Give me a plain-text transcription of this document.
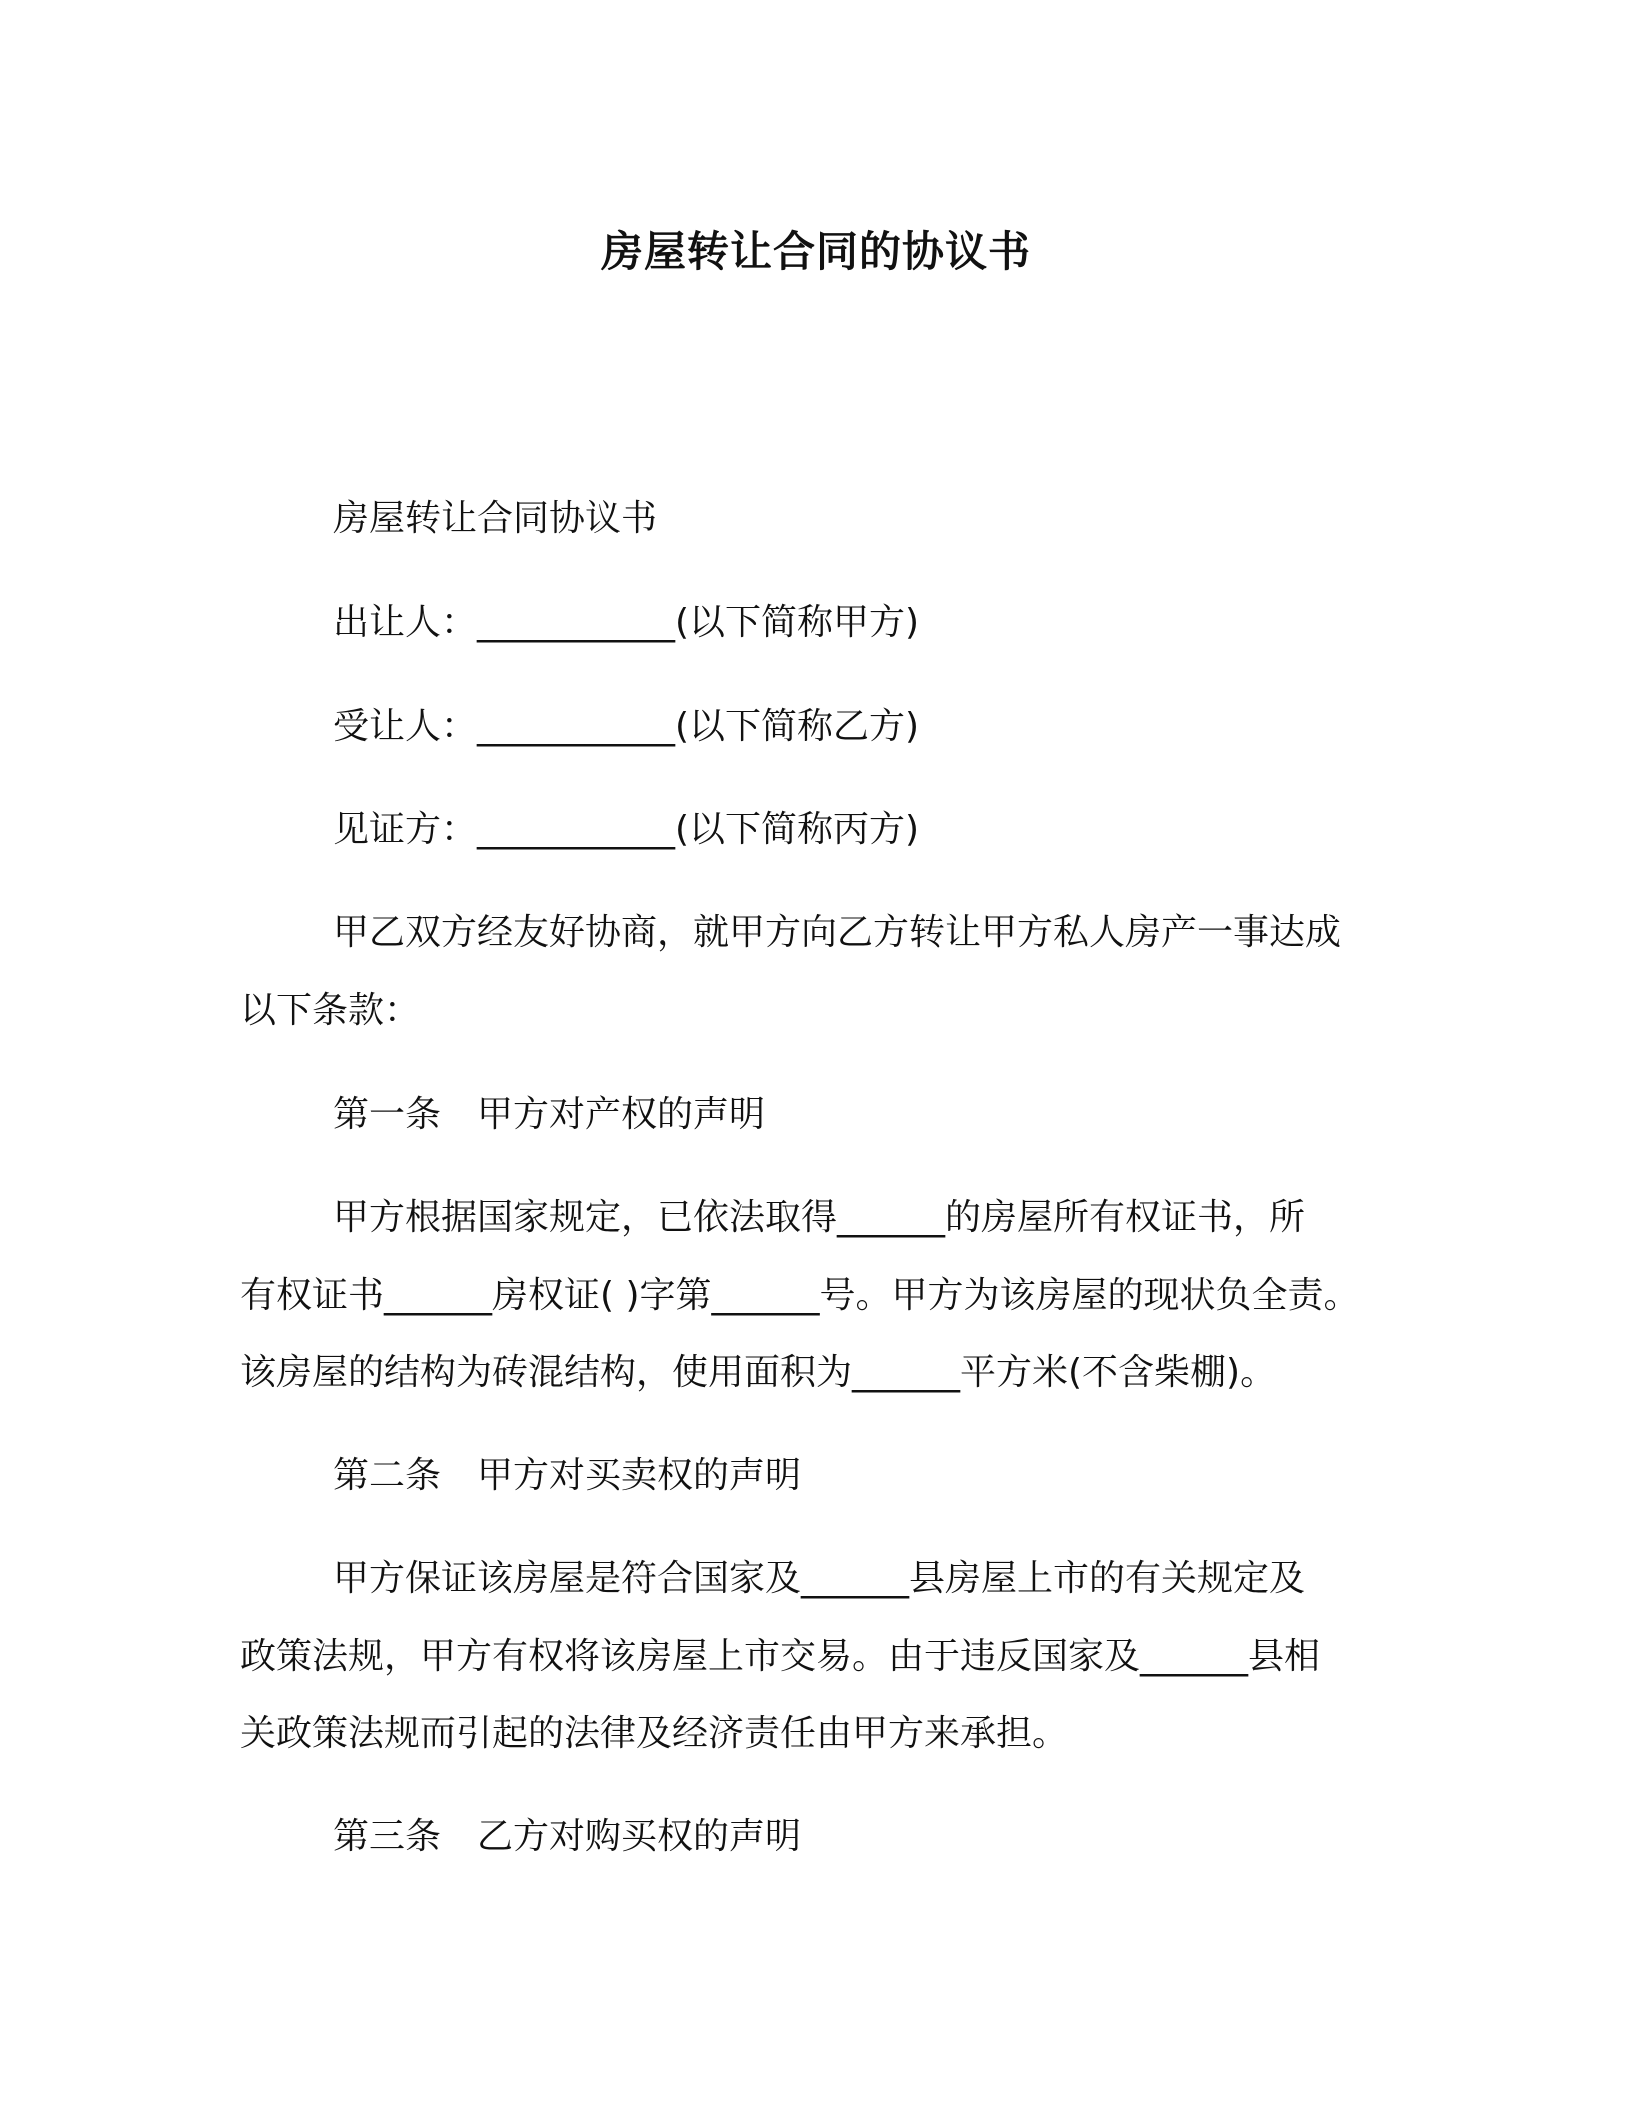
房屋转让合同的协议书
房屋转让合同协议书
出让人：___________(以下简称甲方)
受让人：___________(以下简称乙方)
见证方：___________(以下简称丙方)
甲乙双方经友好协商，就甲方向乙方转让甲方私人房产一事达成
以下条款：
第一条　甲方对产权的声明
甲方根据国家规定，已依法取得______的房屋所有权证书，所
有权证书______房权证( )字第______号。甲方为该房屋的现状负全责。
该房屋的结构为砖混结构，使用面积为______平方米(不含柴棚)。
第二条　甲方对买卖权的声明
甲方保证该房屋是符合国家及______县房屋上市的有关规定及
政策法规，甲方有权将该房屋上市交易。由于违反国家及______县相
关政策法规而引起的法律及经济责任由甲方来承担。
第三条　乙方对购买权的声明
